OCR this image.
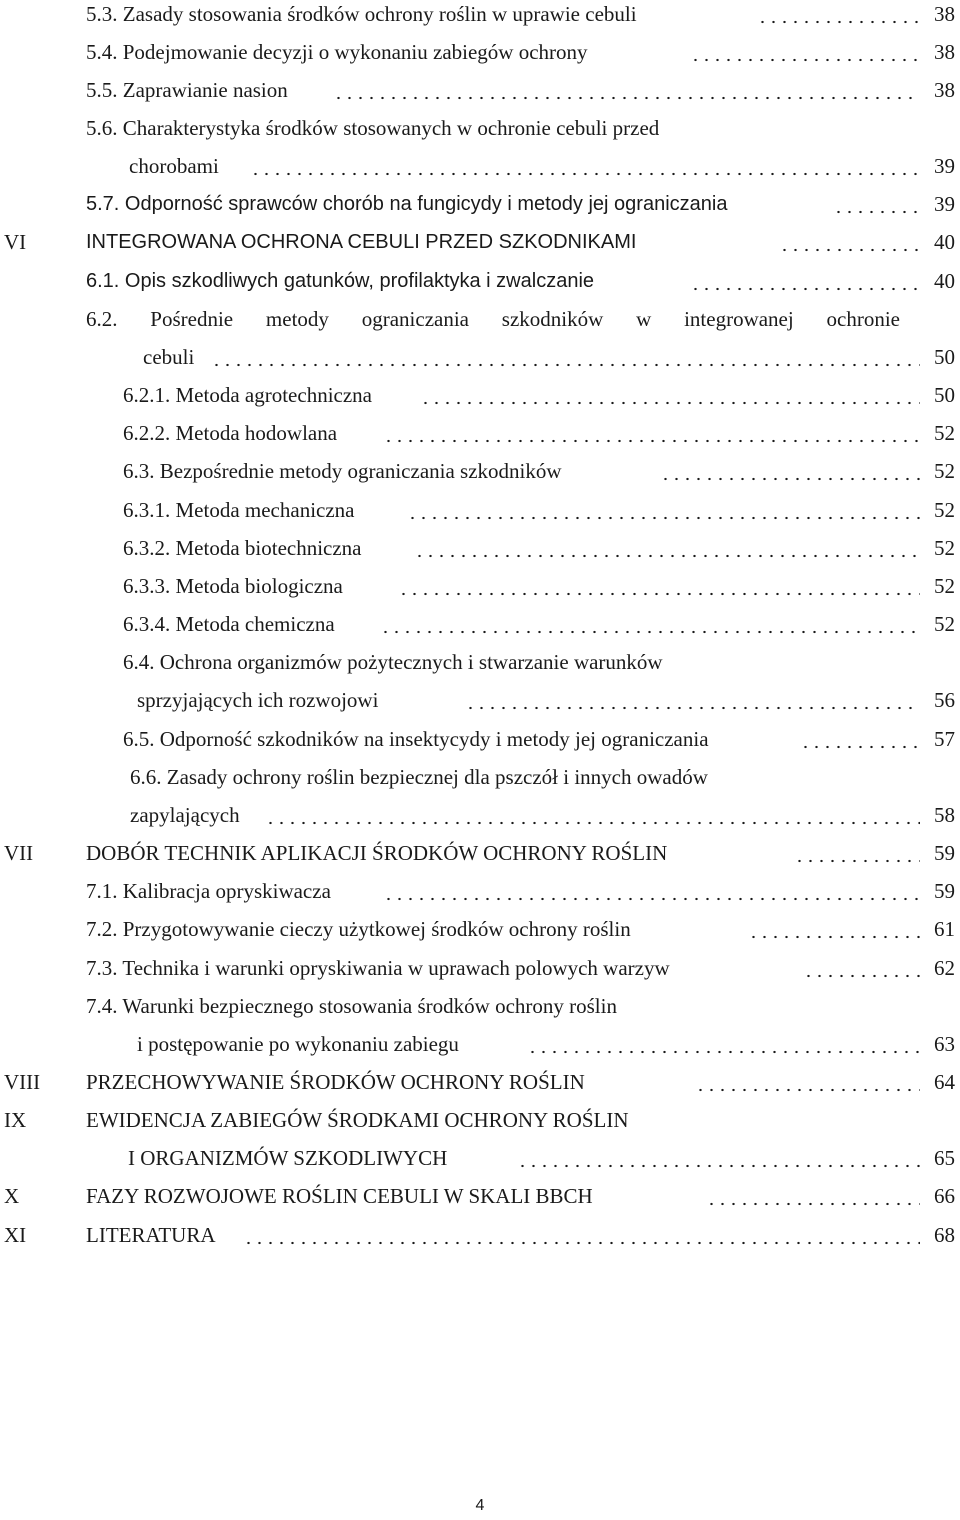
5.3. Zasady stosowania środków ochrony roślin w uprawie cebuli	38
5.4. Podejmowanie decyzji o wykonaniu zabiegów ochrony	38
5.5. Zaprawianie nasion	38
5.6. Charakterystyka środków stosowanych w ochronie cebuli przed
chorobami	39
5.7. Odporność sprawców chorób na fungicydy i metody jej ograniczania	39
VI	INTEGROWANA OCHRONA CEBULI PRZED SZKODNIKAMI	40
6.1. Opis szkodliwych gatunków, profilaktyka i zwalczanie	40
6.2. Pośrednie metody ograniczania szkodników w integrowanej ochronie
cebuli	50
6.2.1. Metoda agrotechniczna	50
6.2.2. Metoda hodowlana	52
6.3. Bezpośrednie metody ograniczania szkodników	52
6.3.1. Metoda mechaniczna	52
6.3.2. Metoda biotechniczna	52
6.3.3. Metoda biologiczna	52
6.3.4. Metoda chemiczna	52
6.4. Ochrona organizmów pożytecznych i stwarzanie warunków
sprzyjających ich rozwojowi	56
6.5. Odporność szkodników na insektycydy i metody jej ograniczania	57
6.6. Zasady ochrony roślin bezpiecznej dla pszczół i innych owadów
zapylających	58
VII	DOBÓR TECHNIK APLIKACJI ŚRODKÓW OCHRONY ROŚLIN	59
7.1. Kalibracja opryskiwacza	59
7.2. Przygotowywanie cieczy użytkowej środków ochrony roślin	61
7.3. Technika i warunki opryskiwania w uprawach polowych warzyw	62
7.4. Warunki bezpiecznego stosowania środków ochrony roślin
i postępowanie po wykonaniu zabiegu	63
VIII PRZECHOWYWANIE ŚRODKÓW OCHRONY ROŚLIN	64
IX	EWIDENCJA ZABIEGÓW ŚRODKAMI OCHRONY ROŚLIN
I ORGANIZMÓW SZKODLIWYCH	65
X	FAZY ROZWOJOWE ROŚLIN CEBULI W SKALI BBCH	66
XI	LITERATURA	68
4
